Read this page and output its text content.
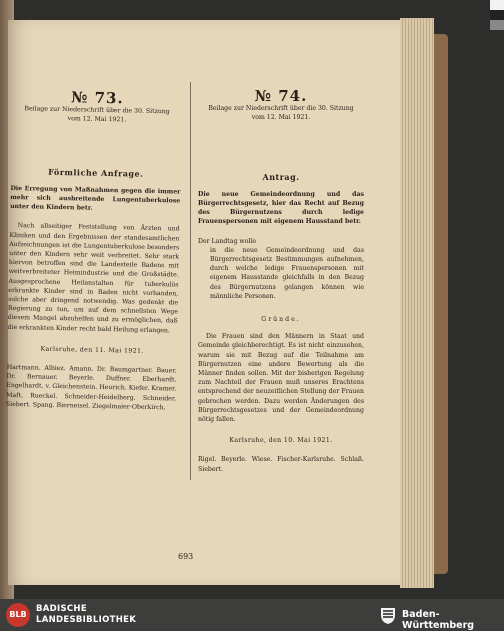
№ 73.
Beilage zur Niederschrift über die 30. Sitzung
vom 12. Mai 1921.
Förmliche Anfrage.
Die Erregung von Maßnahmen gegen die immer mehr sich ausbreitende Lungentuberkulose unter den Kindern betr.
Nach allseitiger Feststellung von Ärzten und Kliniken und den Ergebnissen der standesamtlichen Aufzeichnungen ist die Lungentuberkulose besonders unter den Kindern sehr weit verbreitet. Sehr stark hiervon betroffen sind die Landesteile Badens mit weitverbreiteter Heimindustrie und die Großstädte. Ausgesprochene Heilanstalten für tuberkulös erkrankte Kinder sind in Baden nicht vorhanden, solche aber dringend notwendig. Was gedenkt die Regierung zu tun, um auf dem schnellsten Wege diesem Mangel abzuhelfen und zu ermöglichen, daß die erkrankten Kinder recht bald Heilung erlangen.
Karlsruhe, den 11. Mai 1921.
Hartmann. Albiez. Amann. Dr. Baumgartner. Bauer. Dr. Bernauer. Beyerle. Duffner. Eberhardt. Engelhardt. v. Gleichenstein. Heurich. Kiefer. Kramer. Maft. Rueckel. Schneider-Heidelberg. Schneider. Siebert. Spang. Bierneisel. Ziegelmaier-Oberkirch.
№ 74.
Beilage zur Niederschrift über die 30. Sitzung
vom 12. Mai 1921.
Antrag.
Die neue Gemeindeordnung und das Bürgerrechtsgesetz, hier das Recht auf Bezug des Bürgernutzens durch ledige Frauenspersonen mit eigenem Hausstand betr.
Der Landtag wolle
in die neue Gemeindeordnung und das Bürgerrechtsgesetz Bestimmungen aufnehmen, durch welche ledige Frauenspersonen mit eigenem Hausstande gleichfalls in den Bezug des Bürgernutzens gelangen können wie männliche Personen.
Gründe.
Die Frauen sind den Männern in Staat und Gemeinde gleichberechtigt. Es ist nicht einzusehen, warum sie mit Bezug auf die Teilnahme am Bürgernutzen eine andere Bewertung als die Männer finden sollen. Mit der bisherigen Regelung zum Nachteil der Frauen muß unseres Erachtens entsprechend der neuzeitlichen Stellung der Frauen gebrochen werden. Dazu werden Änderungen des Bürgerrechtsgesetzes und der Gemeindeordnung nötig fallen.
Karlsruhe, den 10. Mai 1921.
Rigel. Beyerle. Wiese. Fischer-Karlsruhe. Schlaß. Siebert.
693
BLB
BADISCHE
LANDESBIBLIOTHEK	Baden-Württemberg
